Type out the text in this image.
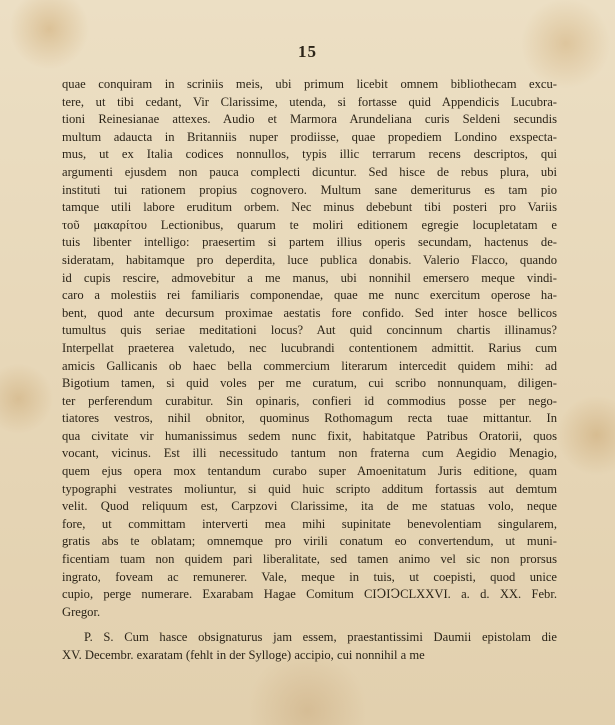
15
quae conquiram in scriniis meis, ubi primum licebit omnem bibliothecam excu-
tere, ut tibi cedant, Vir Clarissime, utenda, si fortasse quid Appendicis Lucubra-
tioni Reinesianae attexes. Audio et Marmora Arundeliana curis Seldeni secundis
multum adaucta in Britanniis nuper prodiisse, quae propediem Londino exspecta-
mus, ut ex Italia codices nonnullos, typis illic terrarum recens descriptos, qui
argumenti ejusdem non pauca complecti dicuntur. Sed hisce de rebus plura, ubi
instituti tui rationem propius cognovero. Multum sane demeriturus es tam pio
tamque utili labore eruditum orbem. Nec minus debebunt tibi posteri pro Variis
τοῦ μακαρίτου Lectionibus, quarum te moliri editionem egregie locupletatam e
tuis libenter intelligo: praesertim si partem illius operis secundam, hactenus de-
sideratam, habitamque pro deperdita, luce publica donabis. Valerio Flacco, quando
id cupis rescire, admovebitur a me manus, ubi nonnihil emersero meque vindi-
caro a molestiis rei familiaris componendae, quae me nunc exercitum operose ha-
bent, quod ante decursum proximae aestatis fore confido. Sed inter hosce bellicos
tumultus quis seriae meditationi locus? Aut quid concinnum chartis illinamus?
Interpellat praeterea valetudo, nec lucubrandi contentionem admittit. Rarius cum
amicis Gallicanis ob haec bella commercium literarum intercedit quidem mihi: ad
Bigotium tamen, si quid voles per me curatum, cui scribo nonnunquam, diligen-
ter perferendum curabitur. Sin opinaris, confieri id commodius posse per nego-
tiatores vestros, nihil obnitor, quominus Rothomagum recta tuae mittantur. In
qua civitate vir humanissimus sedem nunc fixit, habitatque Patribus Oratorii, quos
vocant, vicinus. Est illi necessitudo tantum non fraterna cum Aegidio Menagio,
quem ejus opera mox tentandum curabo super Amoenitatum Juris editione, quam
typographi vestrates moliuntur, si quid huic scripto additum fortassis aut demtum
velit. Quod reliquum est, Carpzovi Clarissime, ita de me statuas volo, neque
fore, ut committam interverti mea mihi supinitate benevolentiam singularem,
gratis abs te oblatam; omnemque pro virili conatum eo convertendum, ut muni-
ficentiam tuam non quidem pari liberalitate, sed tamen animo vel sic non prorsus
ingrato, foveam ac remunerer. Vale, meque in tuis, ut coepisti, quod unice
cupio, perge numerare. Exarabam Hagae Comitum CIↃIↃCLXXVI. a. d. XX. Febr.
Gregor.
P. S. Cum hasce obsignaturus jam essem, praestantissimi Daumii epistolam die
XV. Decembr. exaratam (fehlt in der Sylloge) accipio, cui nonnihil a me
